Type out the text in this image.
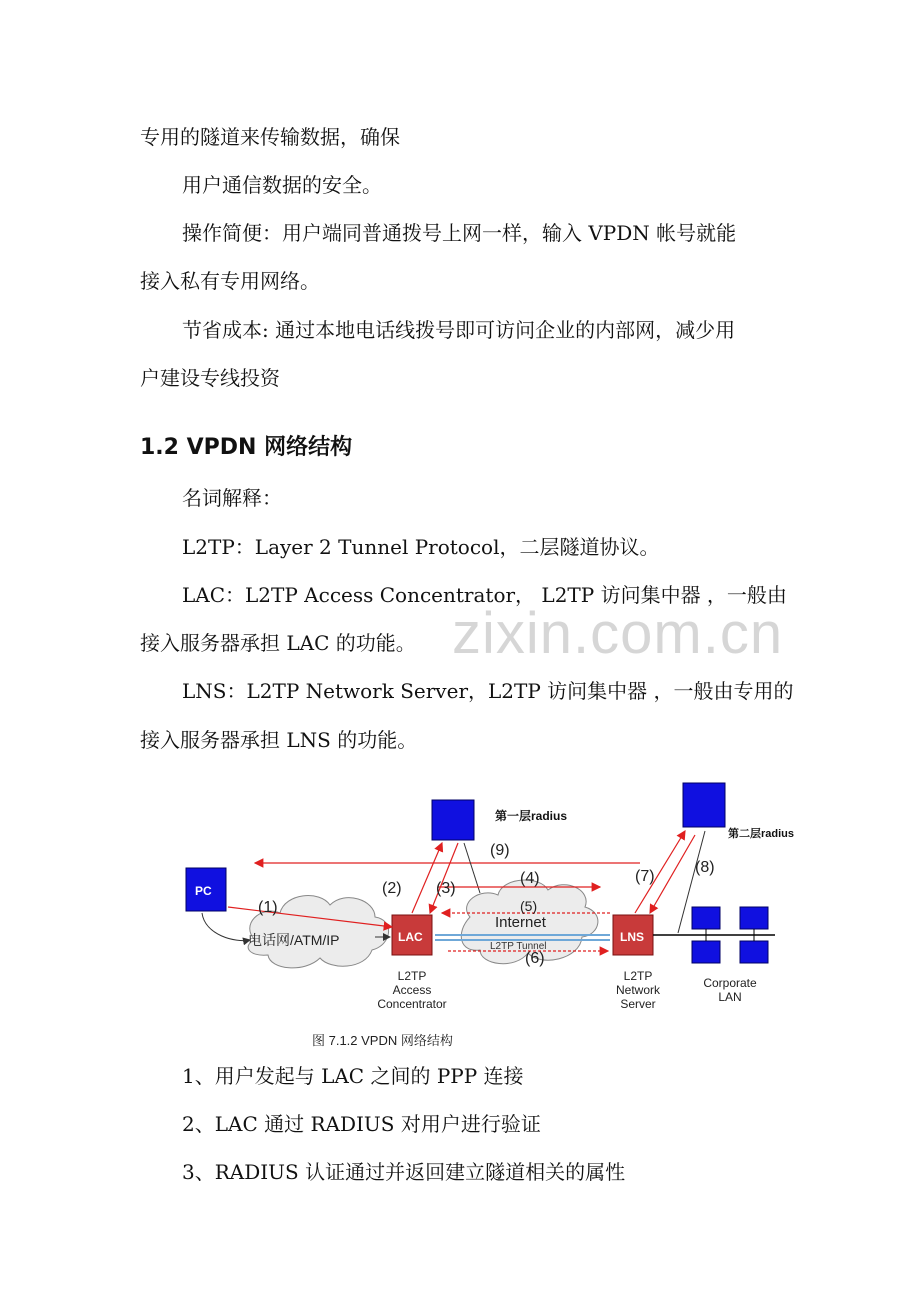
专用的隧道来传输数据，确保
用户通信数据的安全。
操作简便：用户端同普通拨号上网一样，输入 VPDN 帐号就能
接入私有专用网络。
节省成本: 通过本地电话线拨号即可访问企业的内部网，减少用
户建设专线投资
1.2 VPDN 网络结构
名词解释：
L2TP：Layer 2 Tunnel Protocol，二层隧道协议。
LAC：L2TP Access Concentrator， L2TP 访问集中器 ，一般由
接入服务器承担 LAC 的功能。
LNS：L2TP Network Server，L2TP 访问集中器 ，一般由专用的
接入服务器承担 LNS 的功能。
zixin.com.cn
电话网/ATM/IP
Internet
L2TP Tunnel
PC
LAC
L2TP
Access
Concentrator
LNS
L2TP
Network
Server
第一层radius
第二层radius
Corporate
LAN
(1)
(2) (3)
(4)
(5)
(6)
(7)
(8)
(9)
图 7.1.2 VPDN 网络结构
1、用户发起与 LAC 之间的 PPP 连接
2、LAC 通过 RADIUS 对用户进行验证
3、RADIUS 认证通过并返回建立隧道相关的属性
